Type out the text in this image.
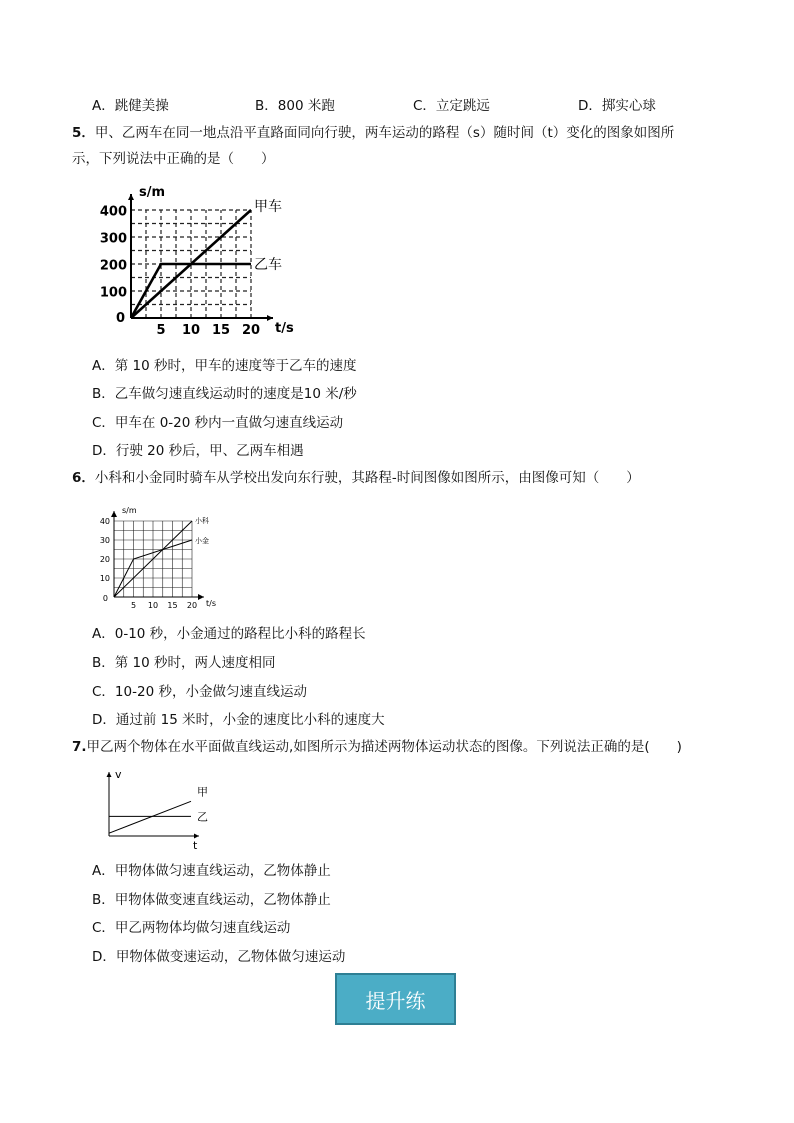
A．跳健美操	B．800 米跑	C．立定跳远	D．掷实心球
5．甲、乙两车在同一地点沿平直路面同向行驶，两车运动的路程（s）随时间（t）变化的图象如图所
示，下列说法中正确的是（　　）
s/m
t/s
0
5 10 15 20
100
200
300
400	甲车
乙车
A．第 10 秒时，甲车的速度等于乙车的速度
B．乙车做匀速直线运动时的速度是10 米/秒
C．甲车在 0-20 秒内一直做匀速直线运动
D．行驶 20 秒后，甲、乙两车相遇
6．小科和小金同时骑车从学校出发向东行驶，其路程-时间图像如图所示，由图像可知（　　）
s/m
t/s
0
5 10 15 20
10
20
30
40	小科
小金
A．0-10 秒，小金通过的路程比小科的路程长
B．第 10 秒时，两人速度相同
C．10-20 秒，小金做匀速直线运动
D．通过前 15 米时，小金的速度比小科的速度大
7.甲乙两个物体在水平面做直线运动,如图所示为描述两物体运动状态的图像。下列说法正确的是(　　)
v
t
甲
乙
A．甲物体做匀速直线运动，乙物体静止
B．甲物体做变速直线运动，乙物体静止
C．甲乙两物体均做匀速直线运动
D．甲物体做变速运动，乙物体做匀速运动
提升练
